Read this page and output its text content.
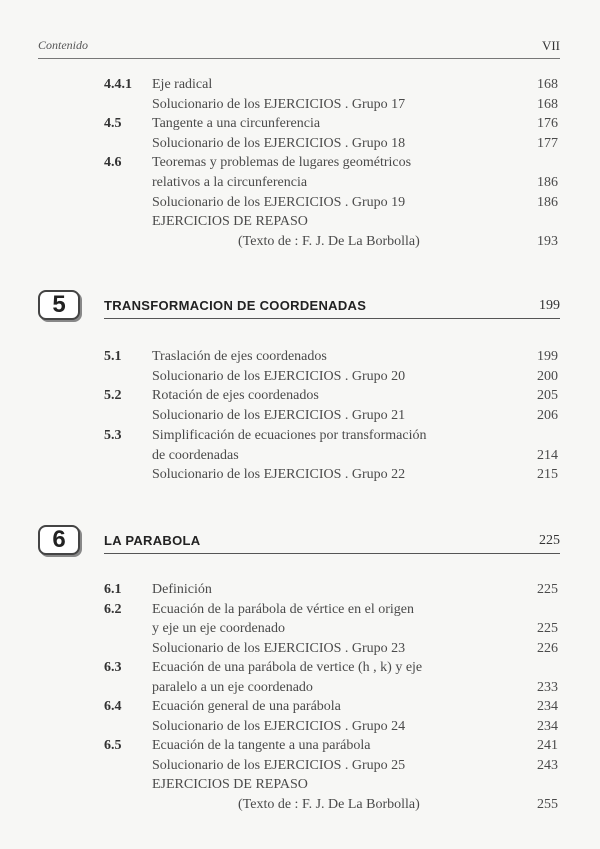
Contenido	VII
4.4.1 Eje radical	168
Solucionario de los EJERCICIOS . Grupo 17	168
4.5 Tangente a una circunferencia	176
Solucionario de los EJERCICIOS . Grupo 18	177
4.6 Teoremas y problemas de lugares geométricos
relativos a la circunferencia	186
Solucionario de los EJERCICIOS . Grupo 19	186
EJERCICIOS DE REPASO
(Texto de : F. J. De La Borbolla)	193
5	TRANSFORMACION DE COORDENADAS	199
5.1 Traslación de ejes coordenados	199
Solucionario de los EJERCICIOS . Grupo 20	200
5.2 Rotación de ejes coordenados	205
Solucionario de los EJERCICIOS . Grupo 21	206
5.3 Simplificación de ecuaciones por transformación
de coordenadas	214
Solucionario de los EJERCICIOS . Grupo 22	215
6	LA PARABOLA	225
6.1 Definición	225
6.2 Ecuación de la parábola de vértice en el origen
y eje un eje coordenado	225
Solucionario de los EJERCICIOS . Grupo 23	226
6.3 Ecuación de una parábola de vertice (h , k) y eje
paralelo a un eje coordenado	233
6.4 Ecuación general de una parábola	234
Solucionario de los EJERCICIOS . Grupo 24	234
6.5 Ecuación de la tangente a una parábola	241
Solucionario de los EJERCICIOS . Grupo 25	243
EJERCICIOS DE REPASO
(Texto de : F. J. De La Borbolla)	255
